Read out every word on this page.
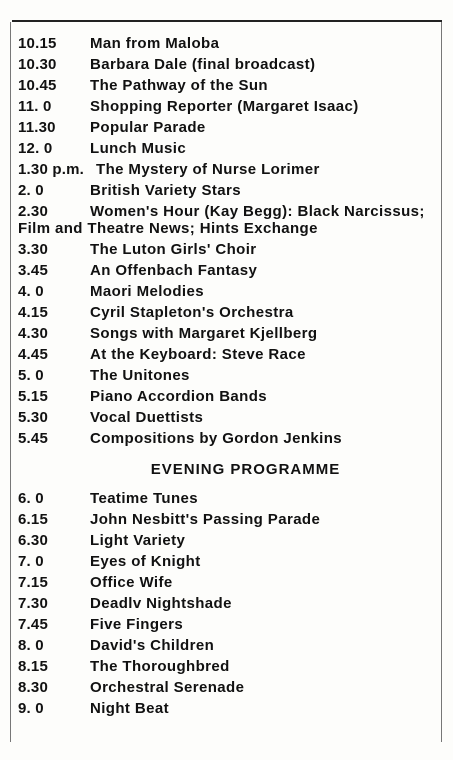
10.15	Man from Maloba
10.30	Barbara Dale (final broadcast)
10.45	The Pathway of the Sun
11. 0	Shopping Reporter (Margaret Isaac)
11.30	Popular Parade
12. 0	Lunch Music
1.30 p.m. The Mystery of Nurse Lorimer
2. 0	British Variety Stars
2.30	Women's Hour (Kay Begg): Black Narcissus; Film and Theatre News; Hints Exchange
3.30	The Luton Girls' Choir
3.45	An Offenbach Fantasy
4. 0	Maori Melodies
4.15	Cyril Stapleton's Orchestra
4.30	Songs with Margaret Kjellberg
4.45	At the Keyboard: Steve Race
5. 0	The Unitones
5.15	Piano Accordion Bands
5.30	Vocal Duettists
5.45	Compositions by Gordon Jenkins
EVENING PROGRAMME
6. 0	Teatime Tunes
6.15	John Nesbitt's Passing Parade
6.30	Light Variety
7. 0	Eyes of Knight
7.15	Office Wife
7.30	Deadlv Nightshade
7.45	Five Fingers
8. 0	David's Children
8.15	The Thoroughbred
8.30	Orchestral Serenade
9. 0	Night Beat
